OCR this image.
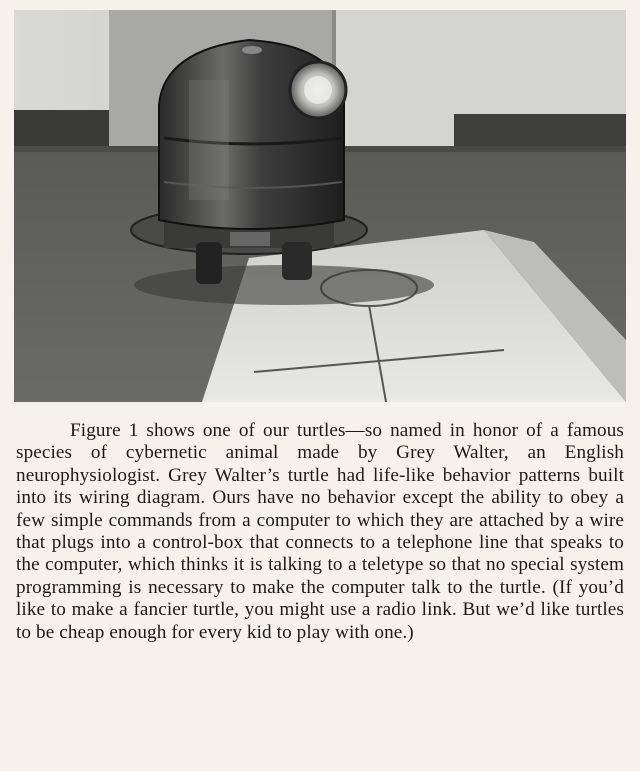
Figure 1 shows one of our turtles—so named in honor of a famous species of cybernetic animal made by Grey Walter, an English neurophysiologist. Grey Walter’s turtle had life-like behavior patterns built into its wiring diagram. Ours have no behavior except the ability to obey a few simple commands from a computer to which they are attached by a wire that plugs into a control-box that connects to a telephone line that speaks to the computer, which thinks it is talking to a teletype so that no special system programming is necessary to make the computer talk to the turtle. (If you’d like to make a fancier turtle, you might use a radio link. But we’d like turtles to be cheap enough for every kid to play with one.)
